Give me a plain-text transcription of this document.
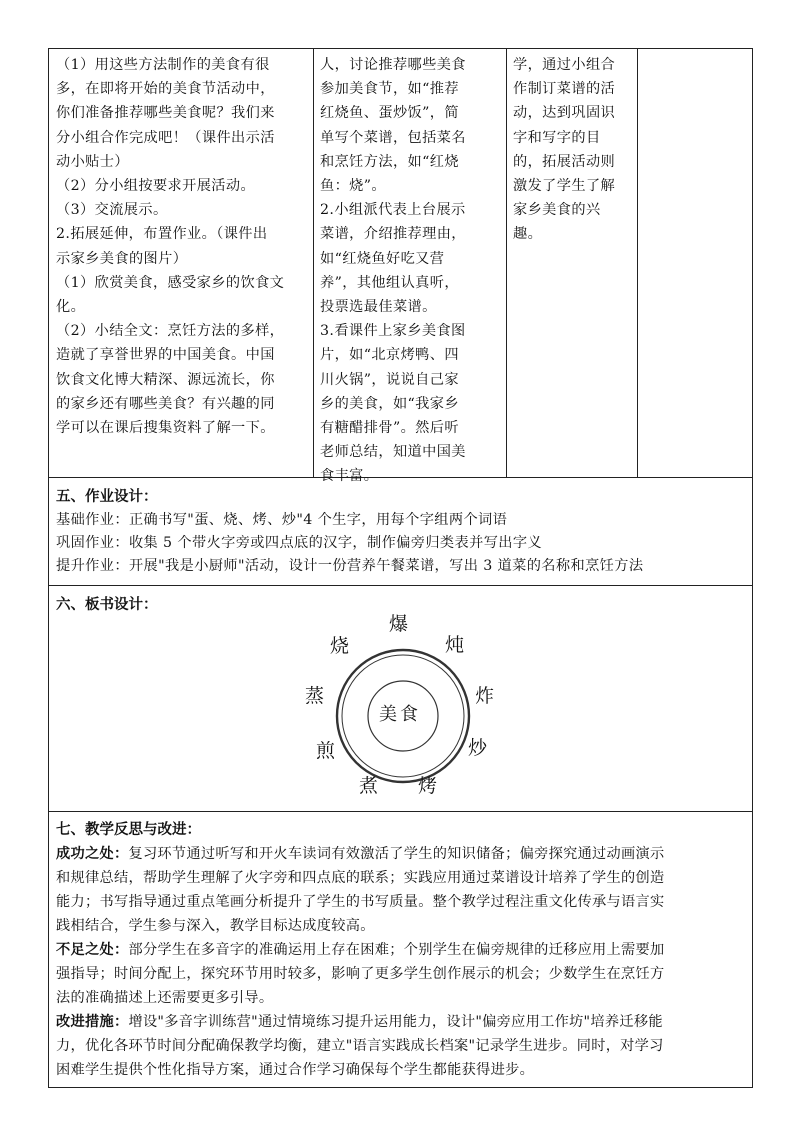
（1）用这些方法制作的美食有很
多，在即将开始的美食节活动中，
你们准备推荐哪些美食呢？我们来
分小组合作完成吧！（课件出示活
动小贴士）
（2）分小组按要求开展活动。
（3）交流展示。
2.拓展延伸，布置作业。（课件出
示家乡美食的图片）
（1）欣赏美食，感受家乡的饮食文
化。
（2）小结全文：烹饪方法的多样，
造就了享誉世界的中国美食。中国
饮食文化博大精深、源远流长，你
的家乡还有哪些美食？有兴趣的同
学可以在课后搜集资料了解一下。
人，讨论推荐哪些美食
参加美食节，如“推荐
红烧鱼、蛋炒饭”，简
单写个菜谱，包括菜名
和烹饪方法，如“红烧
鱼：烧”。
2.小组派代表上台展示
菜谱，介绍推荐理由，
如“红烧鱼好吃又营
养”，其他组认真听，
投票选最佳菜谱。
3.看课件上家乡美食图
片，如“北京烤鸭、四
川火锅”，说说自己家
乡的美食，如“我家乡
有糖醋排骨”。然后听
老师总结，知道中国美
食丰富。
学，通过小组合
作制订菜谱的活
动，达到巩固识
字和写字的目
的，拓展活动则
激发了学生了解
家乡美食的兴
趣。
五、作业设计：
基础作业：正确书写"蛋、烧、烤、炒"4 个生字，用每个字组两个词语
巩固作业：收集 5 个带火字旁或四点底的汉字，制作偏旁归类表并写出字义
提升作业：开展"我是小厨师"活动，设计一份营养午餐菜谱，写出 3 道菜的名称和烹饪方法
六、板书设计：
美食
爆
炖
炸
炒
烤
煮
煎
蒸
烧
七、教学反思与改进：
成功之处：复习环节通过听写和开火车读词有效激活了学生的知识储备；偏旁探究通过动画演示
和规律总结，帮助学生理解了火字旁和四点底的联系；实践应用通过菜谱设计培养了学生的创造
能力；书写指导通过重点笔画分析提升了学生的书写质量。整个教学过程注重文化传承与语言实
践相结合，学生参与深入，教学目标达成度较高。
不足之处：部分学生在多音字的准确运用上存在困难；个别学生在偏旁规律的迁移应用上需要加
强指导；时间分配上，探究环节用时较多，影响了更多学生创作展示的机会；少数学生在烹饪方
法的准确描述上还需要更多引导。
改进措施：增设"多音字训练营"通过情境练习提升运用能力，设计"偏旁应用工作坊"培养迁移能
力，优化各环节时间分配确保教学均衡，建立"语言实践成长档案"记录学生进步。同时，对学习
困难学生提供个性化指导方案，通过合作学习确保每个学生都能获得进步。
